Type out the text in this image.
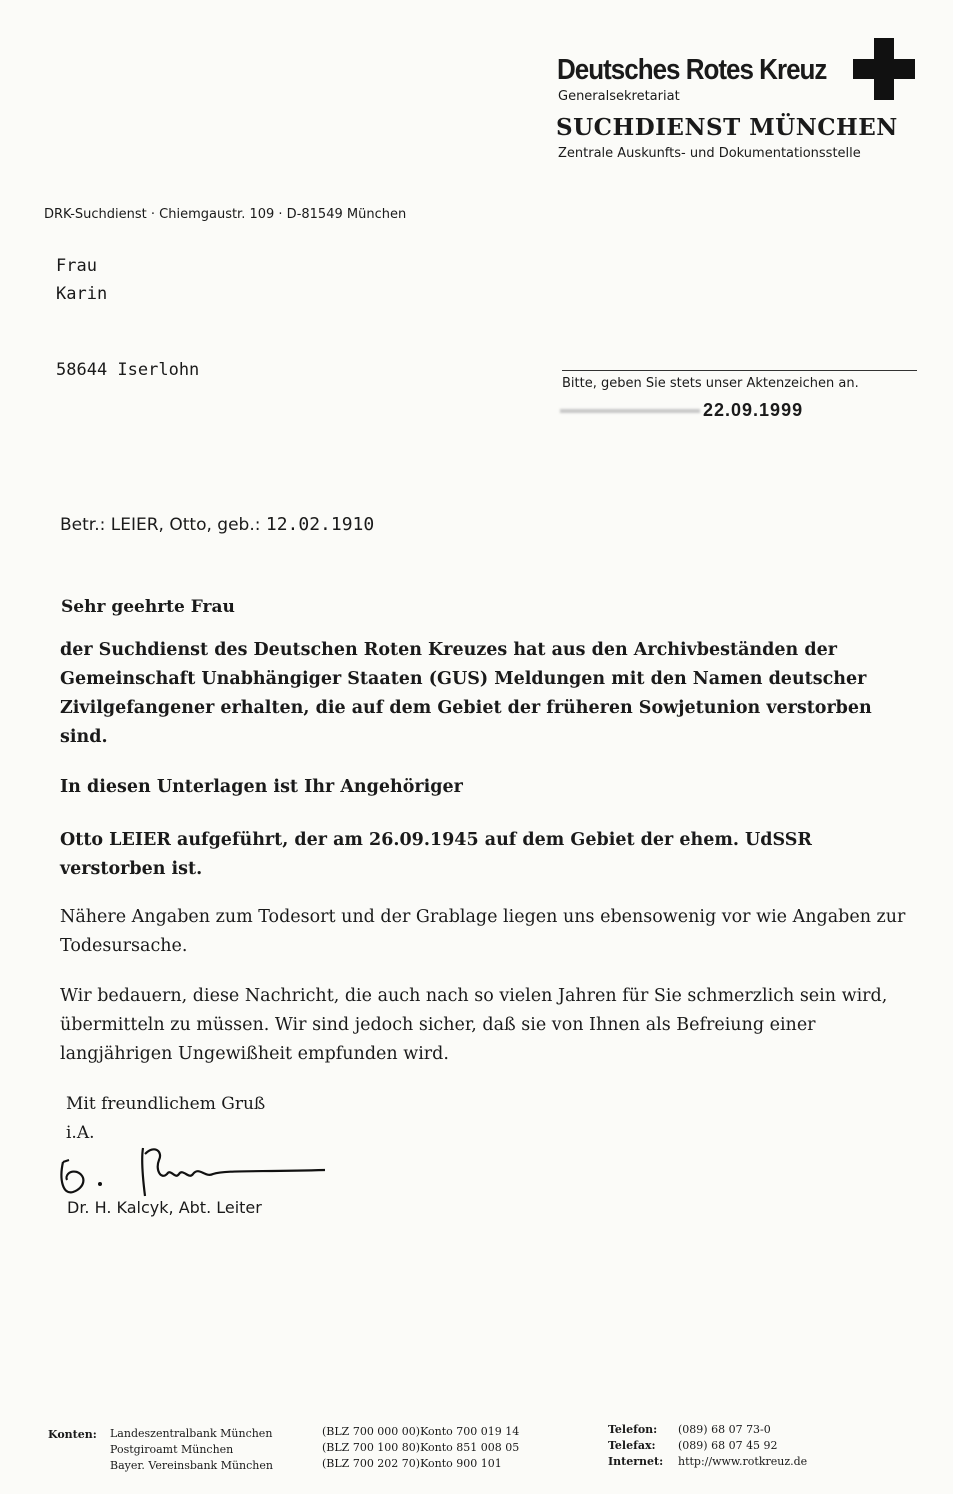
Deutsches Rotes Kreuz
Generalsekretariat
SUCHDIENST MÜNCHEN
Zentrale Auskunfts- und Dokumentationsstelle
DRK-Suchdienst · Chiemgaustr. 109 · D-81549 München
Frau
Karin
58644 Iserlohn
Bitte, geben Sie stets unser Aktenzeichen an.
22.09.1999
Betr.: LEIER, Otto, geb.: 12.02.1910
Sehr geehrte Frau
der Suchdienst des Deutschen Roten Kreuzes hat aus den Archivbeständen der Gemeinschaft Unabhängiger Staaten (GUS) Meldungen mit den Namen deutscher Zivilgefangener erhalten, die auf dem Gebiet der früheren Sowjetunion verstorben sind.
In diesen Unterlagen ist Ihr Angehöriger
Otto LEIER aufgeführt, der am 26.09.1945 auf dem Gebiet der ehem. UdSSR verstorben ist.
Nähere Angaben zum Todesort und der Grablage liegen uns ebensowenig vor wie Angaben zur Todesursache.
Wir bedauern, diese Nachricht, die auch nach so vielen Jahren für Sie schmerzlich sein wird, übermitteln zu müssen. Wir sind jedoch sicher, daß sie von Ihnen als Befreiung einer langjährigen Ungewißheit empfunden wird.
Mit freundlichem Gruß
i.A.
Dr. H. Kalcyk, Abt. Leiter
Konten: Landeszentralbank München
Postgiroamt München
Bayer. Vereinsbank München
(BLZ 700 000 00)Konto 700 019 14
(BLZ 700 100 80)Konto 851 008 05
(BLZ 700 202 70)Konto 900 101
Telefon:
Telefax:
Internet:
(089) 68 07 73-0
(089) 68 07 45 92
http://www.rotkreuz.de
